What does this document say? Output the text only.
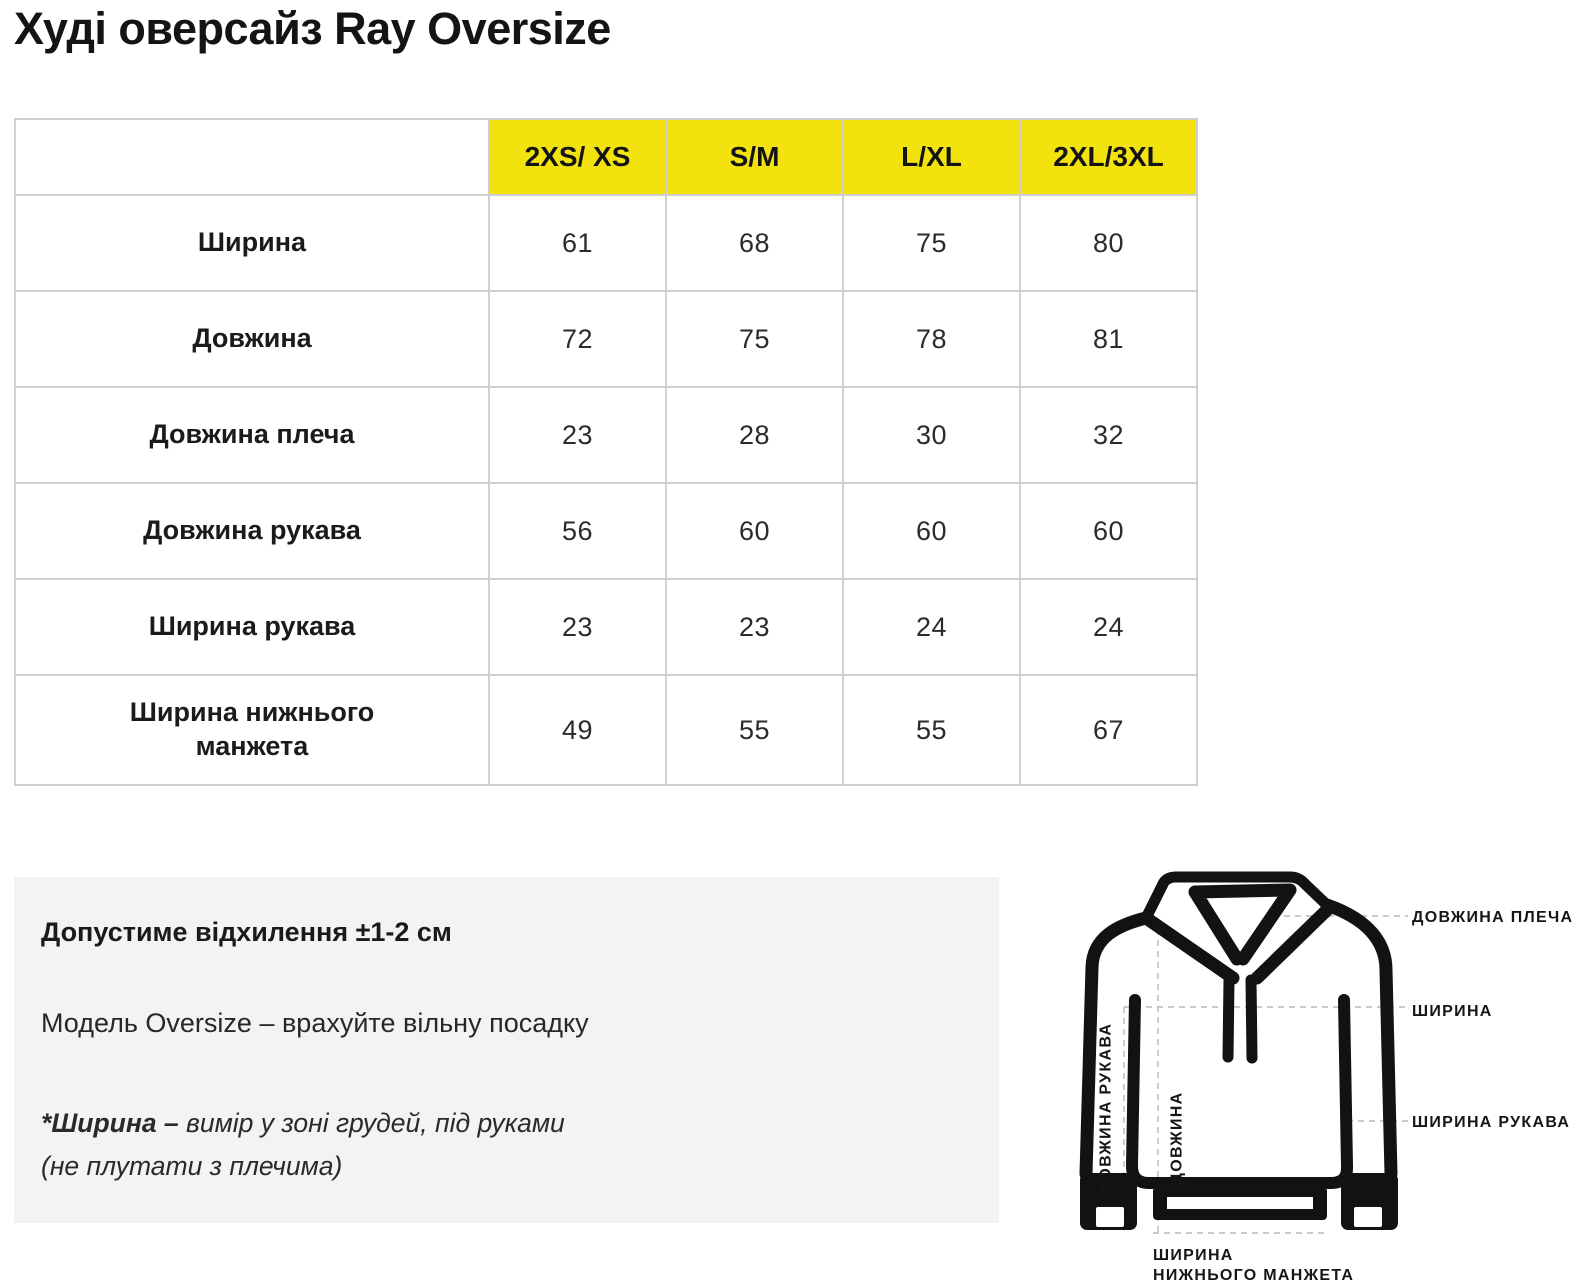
Худі оверсайз Ray Oversize
	2XS/ XS	S/M	L/XL	2XL/3XL
Ширина	61	68	75	80
Довжина	72	75	78	81
Довжина плеча	23	28	30	32
Довжина рукава	56	60	60	60
Ширина рукава	23	23	24	24
Ширина нижнього манжета	49	55	55	67

Допустиме відхилення ±1-2 см

Модель Oversize – врахуйте вільну посадку

*Ширина – вимір у зоні грудей, під руками
(не плутати з плечима)

ДОВЖИНА ПЛЕЧА
ШИРИНА
ШИРИНА РУКАВА
ШИРИНА
НИЖНЬОГО МАНЖЕТА
ДОВЖИНА РУКАВА	ДОВЖИНА
